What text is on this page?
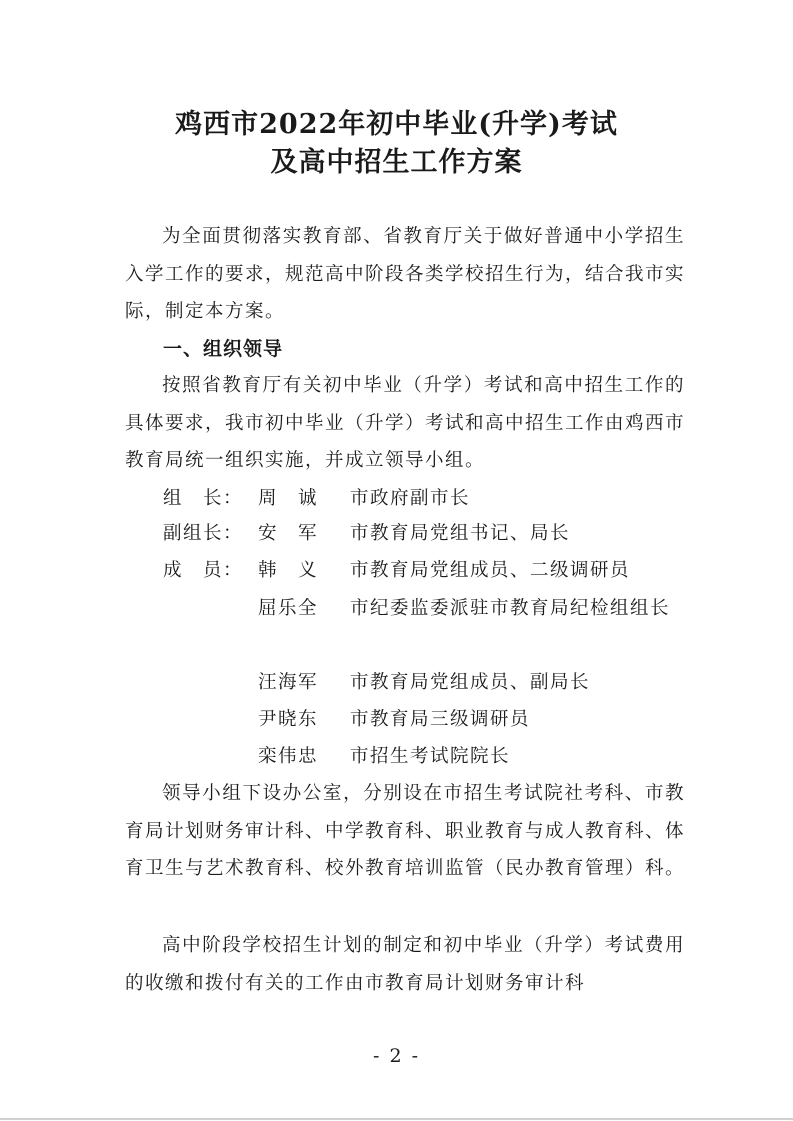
鸡西市2022年初中毕业(升学)考试
及高中招生工作方案

为全面贯彻落实教育部、省教育厅关于做好普通中小学招生入学工作的要求，规范高中阶段各类学校招生行为，结合我市实际，制定本方案。

一、组织领导

按照省教育厅有关初中毕业（升学）考试和高中招生工作的具体要求，我市初中毕业（升学）考试和高中招生工作由鸡西市教育局统一组织实施，并成立领导小组。

组　长： 周　诚 市政府副市长
副组长： 安　军 市教育局党组书记、局长
成　员： 韩　义 市教育局党组成员、二级调研员
屈乐全	市纪委监委派驻市教育局纪检组组长
汪海军 市教育局党组成员、副局长
尹晓东 市教育局三级调研员
栾伟忠 市招生考试院院长

领导小组下设办公室，分别设在市招生考试院社考科、市教育局计划财务审计科、中学教育科、职业教育与成人教育科、体育卫生与艺术教育科、校外教育培训监管（民办教育管理）科。

高中阶段学校招生计划的制定和初中毕业（升学）考试费用的收缴和拨付有关的工作由市教育局计划财务审计科

- 2 -
